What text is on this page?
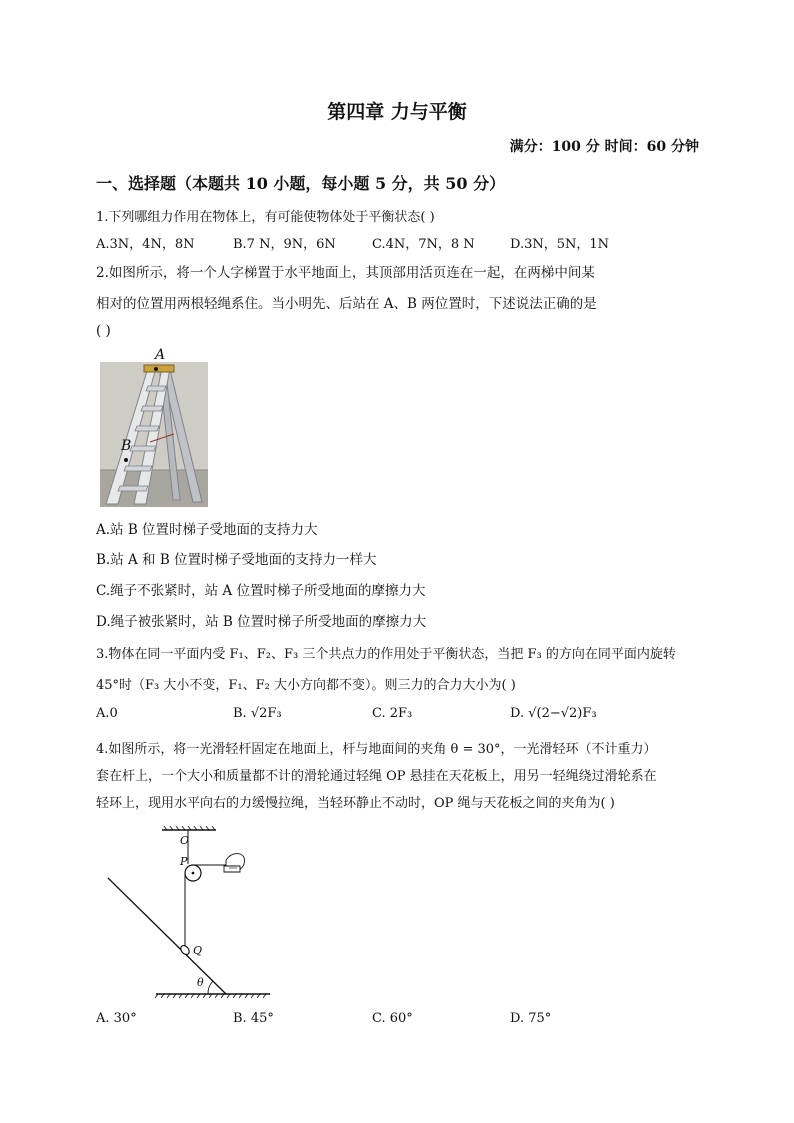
第四章 力与平衡
满分：100 分 时间：60 分钟
一、选择题（本题共 10 小题，每小题 5 分，共 50 分）
1.下列哪组力作用在物体上，有可能使物体处于平衡状态( )
A.3N，4N，8N	B.7 N，9N，6N	C.4N，7N，8 N	D.3N，5N，1N
2.如图所示，将一个人字梯置于水平地面上，其顶部用活页连在一起，在两梯中间某
相对的位置用两根轻绳系住。当小明先、后站在 A、B 两位置时，下述说法正确的是
( )
A
B
A.站 B 位置时梯子受地面的支持力大
B.站 A 和 B 位置时梯子受地面的支持力一样大
C.绳子不张紧时，站 A 位置时梯子所受地面的摩擦力大
D.绳子被张紧时，站 B 位置时梯子所受地面的摩擦力大
3.物体在同一平面内受 F₁、F₂、F₃ 三个共点力的作用处于平衡状态，当把 F₃ 的方向在同平面内旋转
45°时（F₃ 大小不变，F₁、F₂ 大小方向都不变）。则三力的合力大小为( )
A.0	B. √2F₃	C. 2F₃	D. √(2−√2)F₃
4.如图所示，将一光滑轻杆固定在地面上，杆与地面间的夹角 θ = 30°，一光滑轻环（不计重力）
套在杆上，一个大小和质量都不计的滑轮通过轻绳 OP 悬挂在天花板上，用另一轻绳绕过滑轮系在
轻环上，现用水平向右的力缓慢拉绳，当轻环静止不动时，OP 绳与天花板之间的夹角为( )
O
P
Q
θ
A. 30°	B. 45°	C. 60°	D. 75°
